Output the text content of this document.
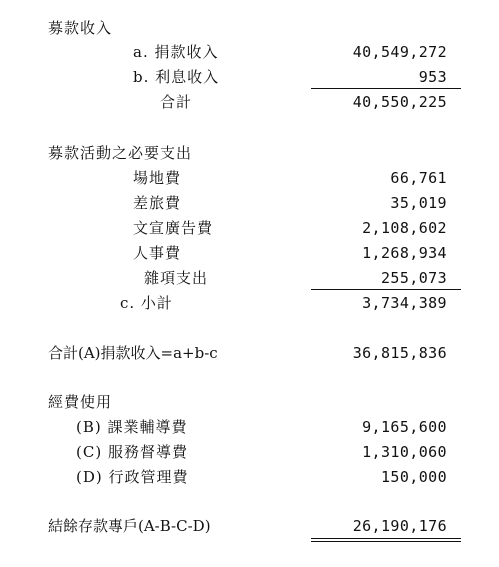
募款收入
a. 捐款收入	40,549,272
b. 利息收入	953
合計	40,550,225
募款活動之必要支出
場地費	66,761
差旅費	35,019
文宣廣告費	2,108,602
人事費	1,268,934
雜項支出	255,073
c. 小計	3,734,389
合計(A)捐款收入=a+b-c	36,815,836
經費使用
(B) 課業輔導費	9,165,600
(C) 服務督導費	1,310,060
(D) 行政管理費	150,000
結餘存款專戶(A-B-C-D)	26,190,176
